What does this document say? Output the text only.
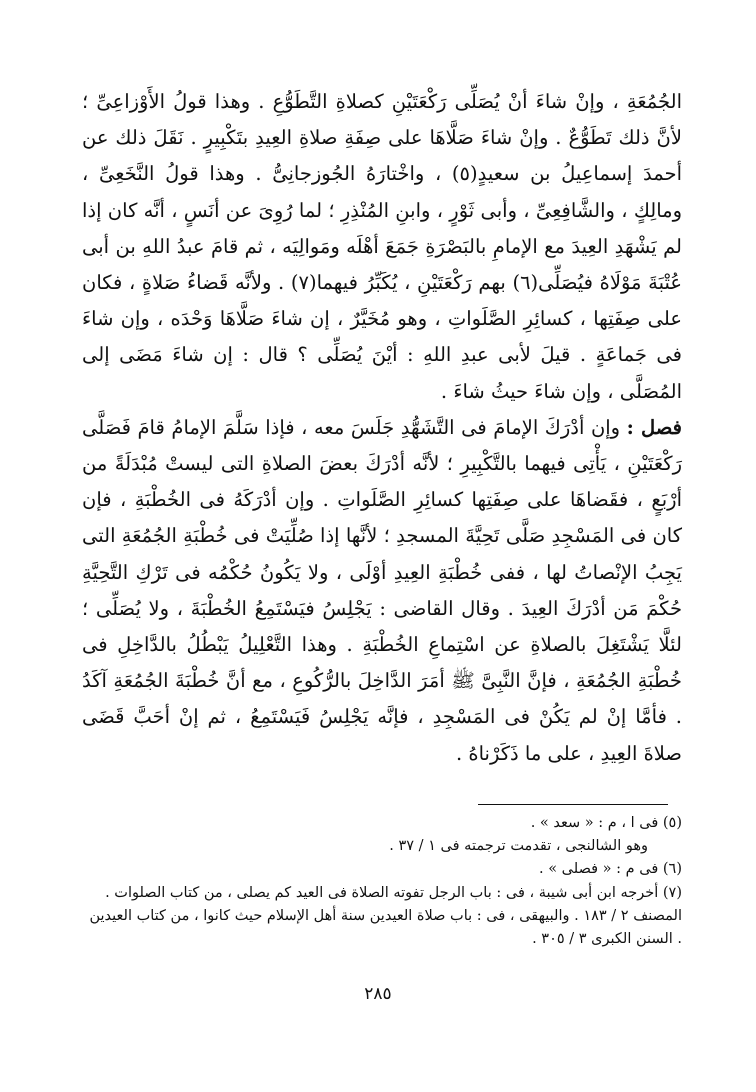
الجُمُعَةِ ، وإنْ شاءَ أنْ يُصَلِّى رَكْعَتَيْنِ كصلاةِ التَّطَوُّعِ . وهذا قولُ الأَوْزاعِىِّ ؛ لأنَّ ذلك تَطَوُّعٌ . وإنْ شاءَ صَلَّاهَا على صِفَةِ صلاةِ العِيدِ بتَكْبِيرٍ . نَقَلَ ذلك عن أحمدَ إسماعِيلُ بن سعيدٍ(٥) ، واخْتارَهُ الجُوزجانِىُّ . وهذا قولُ النَّخَعِىِّ ، ومالِكٍ ، والشَّافِعِىِّ ، وأبى ثَوْرٍ ، وابنِ المُنْذِرِ ؛ لما رُوِىَ عن أنَسٍ ، أنَّه كان إذا لم يَشْهَدِ العِيدَ مع الإمامِ بالبَصْرَةِ جَمَعَ أهْلَه ومَوالِيَه ، ثم قامَ عبدُ اللهِ بن أبى عُتْبَةَ مَوْلَاهُ فيُصَلِّى(٦) بهم رَكْعَتَيْنِ ، يُكَبِّرُ فيهما(٧) . ولأنَّه قَضاءُ صَلاةٍ ، فكان على صِفَتِها ، كسائِرِ الصَّلَواتِ ، وهو مُخَيَّرٌ ، إن شاءَ صَلَّاهَا وَحْدَه ، وإن شاءَ فى جَماعَةٍ . قيلَ لأبى عبدِ اللهِ : أيْنَ يُصَلِّى ؟ قال : إن شاءَ مَضَى إلى المُصَلَّى ، وإن شاءَ حيثُ شاءَ .

فصل : وإن أدْرَكَ الإمامَ فى التَّشَهُّدِ جَلَسَ معه ، فإذا سَلَّمَ الإمامُ قامَ فَصَلَّى رَكْعَتَيْنِ ، يَأْتِى فيهما بالتَّكْبِيرِ ؛ لأنَّه أدْرَكَ بعضَ الصلاةِ التى ليستْ مُبْدَلَةً من أرْبَعٍ ، فقَضاهَا على صِفَتِها كسائِرِ الصَّلَواتِ . وإن أدْرَكَهُ فى الخُطْبَةِ ، فإن كان فى المَسْجِدِ صَلَّى تَحِيَّةَ المسجدِ ؛ لأنَّها إذا صُلِّيَتْ فى خُطْبَةِ الجُمُعَةِ التى يَجِبُ الإنْصاتُ لها ، ففى خُطْبَةِ العِيدِ أوْلَى ، ولا يَكُونُ حُكْمُه فى تَرْكِ التَّحِيَّةِ حُكْمَ مَن أدْرَكَ العِيدَ . وقال القاضى : يَجْلِسُ فيَسْتَمِعُ الخُطْبَةَ ، ولا يُصَلِّى ؛ لئلَّا يَشْتَغِلَ بالصلاةِ عن اسْتِماعِ الخُطْبَةِ . وهذا التَّعْلِيلُ يَبْطُلُ بالدَّاخِلِ فى خُطْبَةِ الجُمُعَةِ ، فإنَّ النَّبِىَّ ﷺ أمَرَ الدَّاخِلَ بالرُّكُوعِ ، مع أنَّ خُطْبَةَ الجُمُعَةِ آكَدُ . فأمَّا إنْ لم يَكُنْ فى المَسْجِدِ ، فإنَّه يَجْلِسُ فَيَسْتَمِعُ ، ثم إنْ أحَبَّ قَضَى صلاةَ العِيدِ ، على ما ذَكَرْناهُ .

(٥) فى ا ، م : « سعد » .

وهو الشالنجى ، تقدمت ترجمته فى ١ / ٣٧ .

(٦) فى م : « فصلى » .

(٧) أخرجه ابن أبى شيبة ، فى : باب الرجل تفوته الصلاة فى العيد كم يصلى ، من كتاب الصلوات . المصنف ٢ / ١٨٣ . والبيهقى ، فى : باب صلاة العيدين سنة أهل الإسلام حيث كانوا ، من كتاب العيدين . السنن الكبرى ٣ / ٣٠٥ .

٢٨٥
